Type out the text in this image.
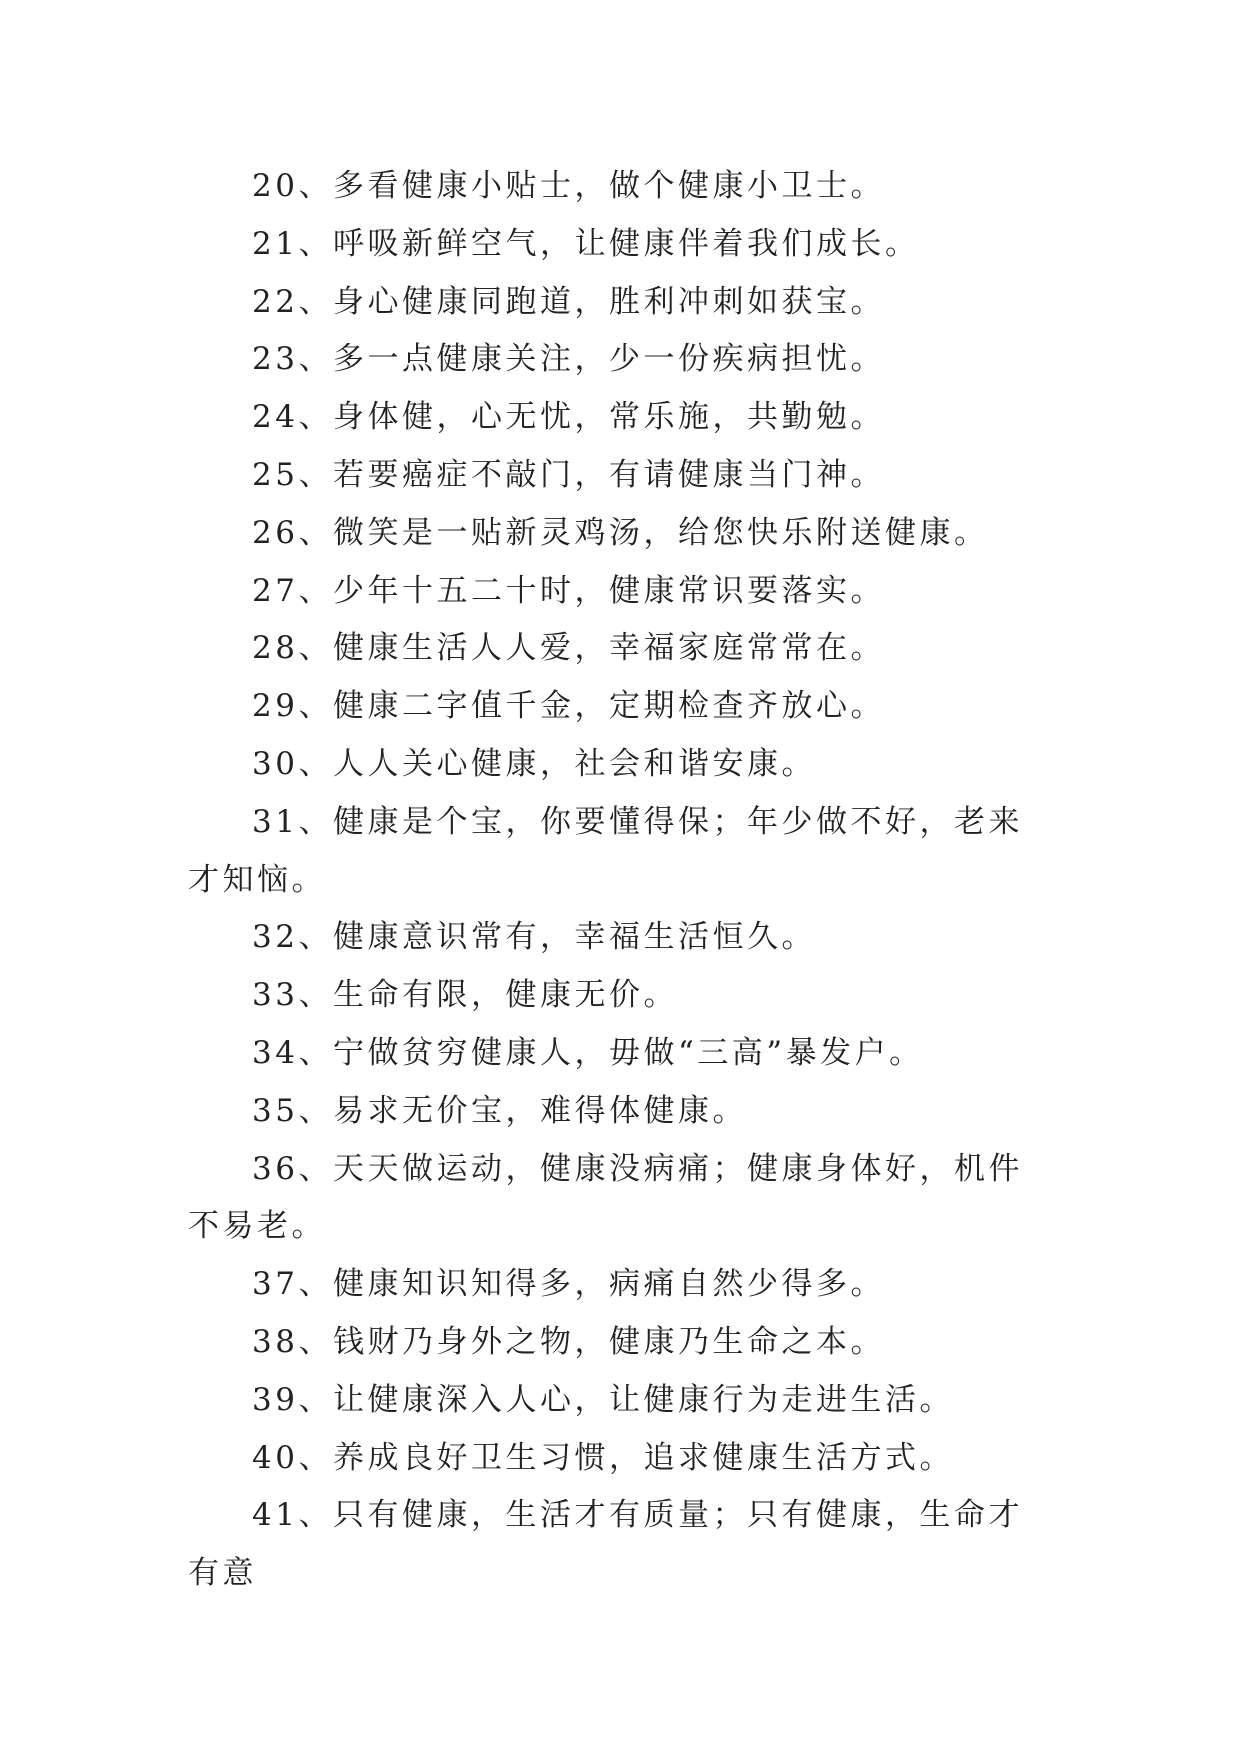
20、多看健康小贴士，做个健康小卫士。

21、呼吸新鲜空气，让健康伴着我们成长。

22、身心健康同跑道，胜利冲刺如获宝。

23、多一点健康关注，少一份疾病担忧。

24、身体健，心无忧，常乐施，共勤勉。

25、若要癌症不敲门，有请健康当门神。

26、微笑是一贴新灵鸡汤，给您快乐附送健康。

27、少年十五二十时，健康常识要落实。

28、健康生活人人爱，幸福家庭常常在。

29、健康二字值千金，定期检查齐放心。

30、人人关心健康，社会和谐安康。

31、健康是个宝，你要懂得保；年少做不好，老来才知恼。

32、健康意识常有，幸福生活恒久。

33、生命有限，健康无价。

34、宁做贫穷健康人，毋做“三高”暴发户。

35、易求无价宝，难得体健康。

36、天天做运动，健康没病痛；健康身体好，机件不易老。

37、健康知识知得多，病痛自然少得多。

38、钱财乃身外之物，健康乃生命之本。

39、让健康深入人心，让健康行为走进生活。

40、养成良好卫生习惯，追求健康生活方式。

41、只有健康，生活才有质量；只有健康，生命才有意
